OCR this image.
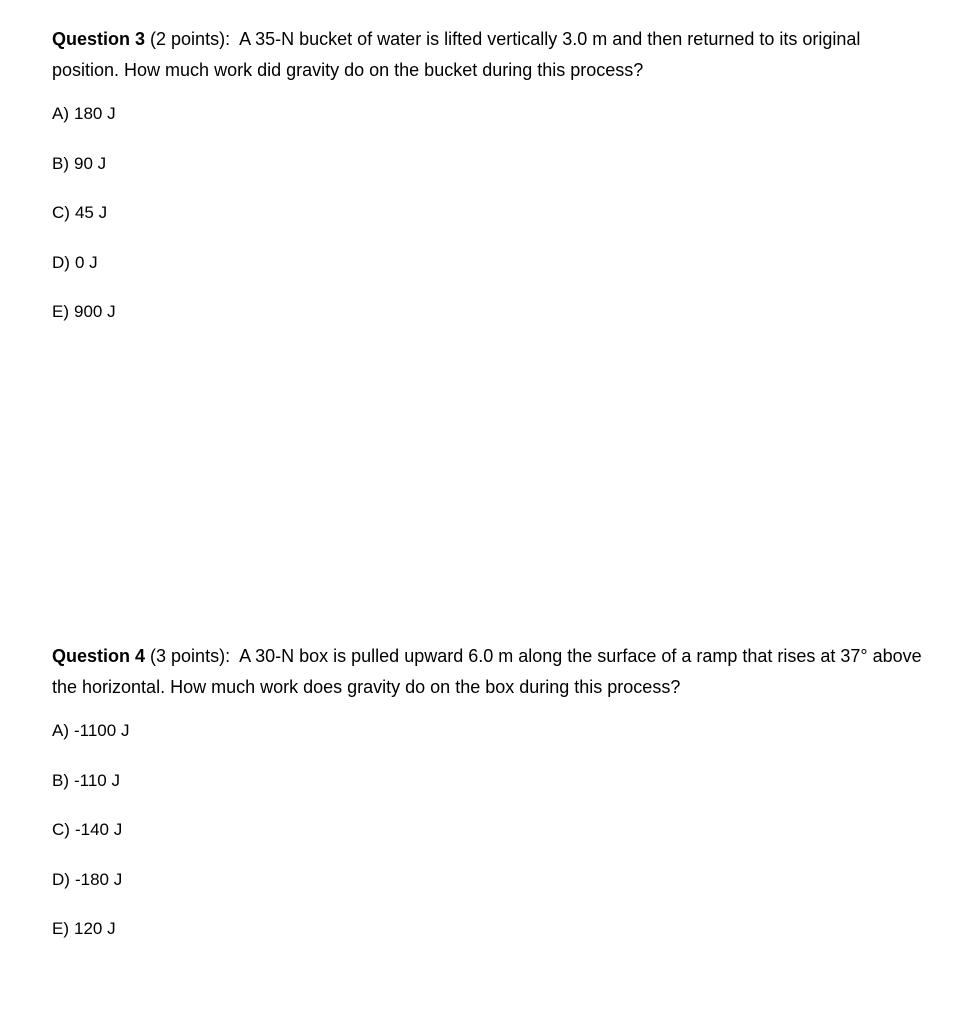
Question 3 (2 points): A 35-N bucket of water is lifted vertically 3.0 m and then returned to its original position. How much work did gravity do on the bucket during this process?

A) 180 J
B) 90 J
C) 45 J
D) 0 J
E) 900 J

Question 4 (3 points): A 30-N box is pulled upward 6.0 m along the surface of a ramp that rises at 37° above the horizontal. How much work does gravity do on the box during this process?

A) -1100 J
B) -110 J
C) -140 J
D) -180 J
E) 120 J
